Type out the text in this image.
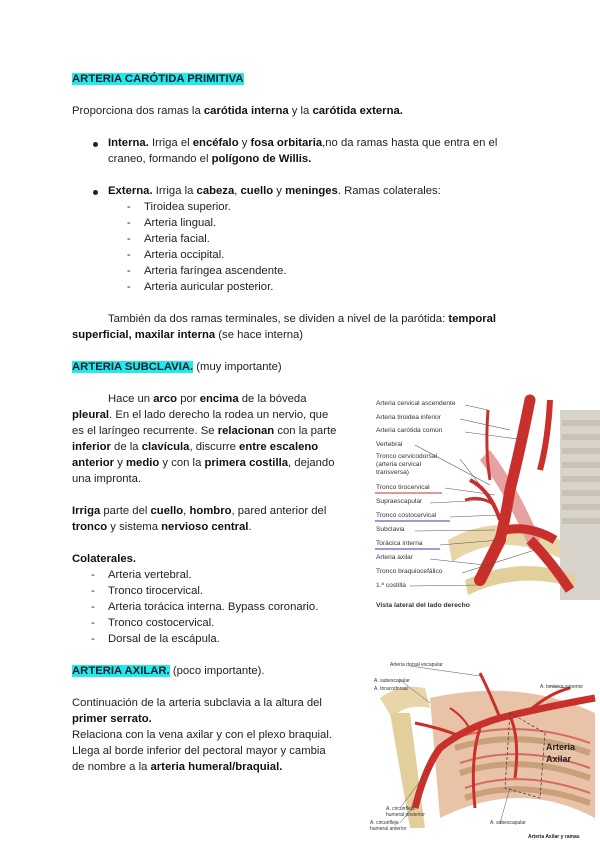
ARTERIA CARÓTIDA PRIMITIVA
Proporciona dos ramas la carótida interna y la carótida externa.
Interna. Irriga el encéfalo y fosa orbitaria,no da ramas hasta que entra en el
craneo, formando el polígono de Willis.
Externa. Irriga la cabeza, cuello y meninges. Ramas colaterales:
- Tiroidea superior.
- Arteria lingual.
- Arteria facial.
- Arteria occipital.
- Arteria faríngea ascendente.
- Arteria auricular posterior.
También da dos ramas terminales, se dividen a nivel de la parótida: temporal
superficial, maxilar interna (se hace interna)
ARTERIA SUBCLAVIA. (muy importante)
Hace un arco por encima de la bóveda
pleural. En el lado derecho la rodea un nervio, que
es el laríngeo recurrente. Se relacionan con la parte
inferior de la clavícula, discurre entre escaleno
anterior y medio y con la primera costilla, dejando
una impronta.
Irriga parte del cuello, hombro, pared anterior del
tronco y sistema nervioso central.
Colaterales.
- Arteria vertebral.
- Tronco tirocervical.
- Arteria torácica interna. Bypass coronario.
- Tronco costocervical.
- Dorsal de la escápula.
Arteria cervical ascendente
Arteria tiroidea inferior
Arteria carótida común
Vertebral
Tronco cervicodorsal
(arteria cervical
transversa)
Tronco tirocervical
Supraescapular
Tronco costocervical
Subclavia
Torácica interna
Arteria axilar
Tronco braquiocefálico
1.ª costilla
Vista lateral del lado derecho
ARTERIA AXILAR. (poco importante).
Continuación de la arteria subclavia a la altura del
primer serrato.
Relaciona con la vena axilar y con el plexo braquial.
Llega al borde inferior del pectoral mayor y cambia
de nombre a la arteria humeral/braquial.
Arteria dorsal escapular
A. subescapular
A. toracodorsal	A. torácica superior
Arteria
Axilar
A. circunfleja
humeral posterior
A. circunfleja
humeral anterior
A. subescapular
Arteria Axilar y ramas
